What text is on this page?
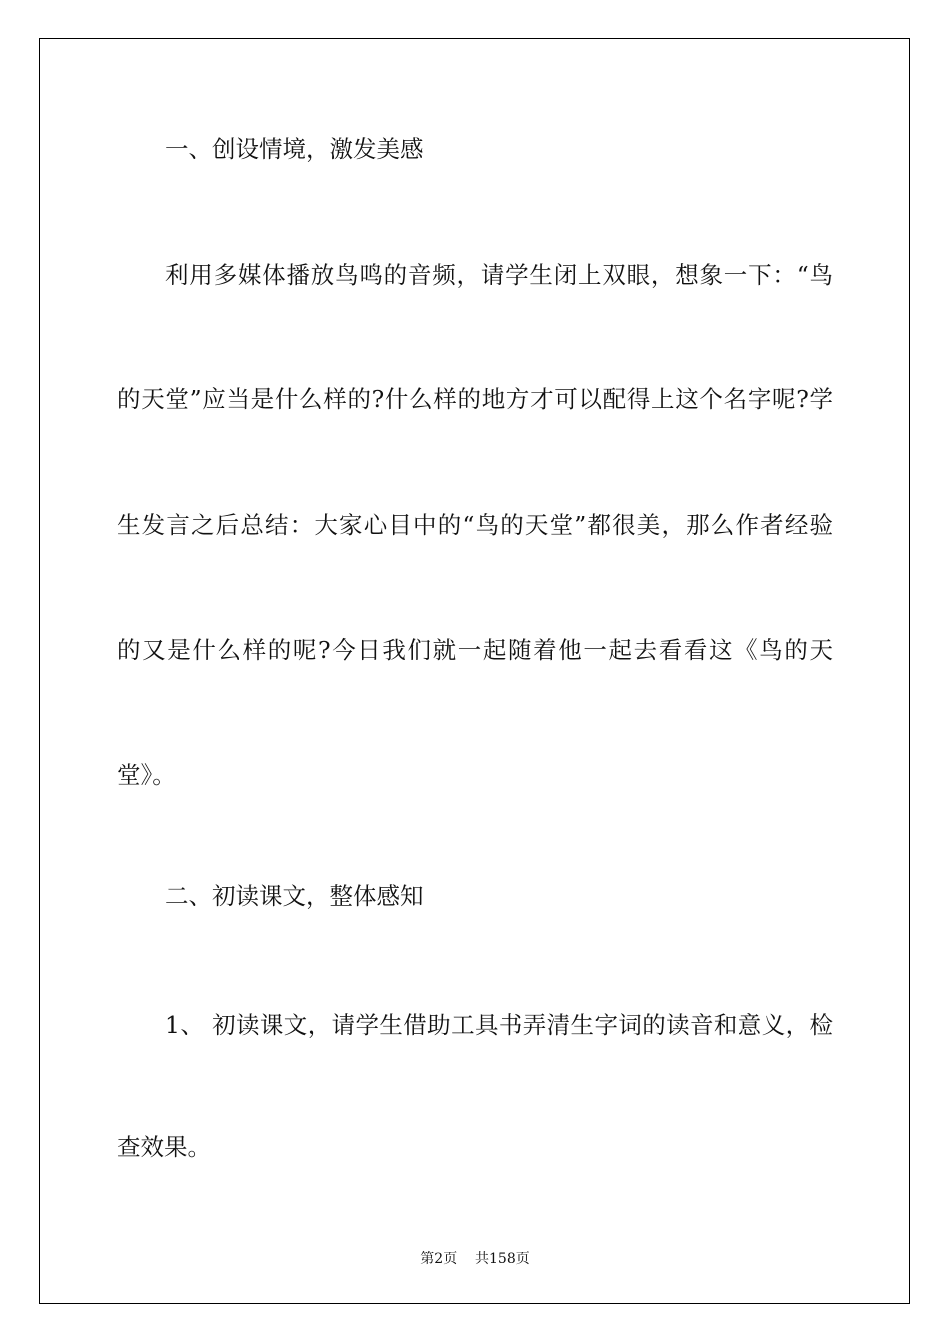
一、创设情境，激发美感
利用多媒体播放鸟鸣的音频，请学生闭上双眼，想象一下：“鸟
的天堂”应当是什么样的?什么样的地方才可以配得上这个名字呢?学
生发言之后总结：大家心目中的“鸟的天堂”都很美，那么作者经验
的又是什么样的呢?今日我们就一起随着他一起去看看这《鸟的天
堂》。
二、初读课文，整体感知
1、 初读课文，请学生借助工具书弄清生字词的读音和意义，检
查效果。
第2页 共158页
